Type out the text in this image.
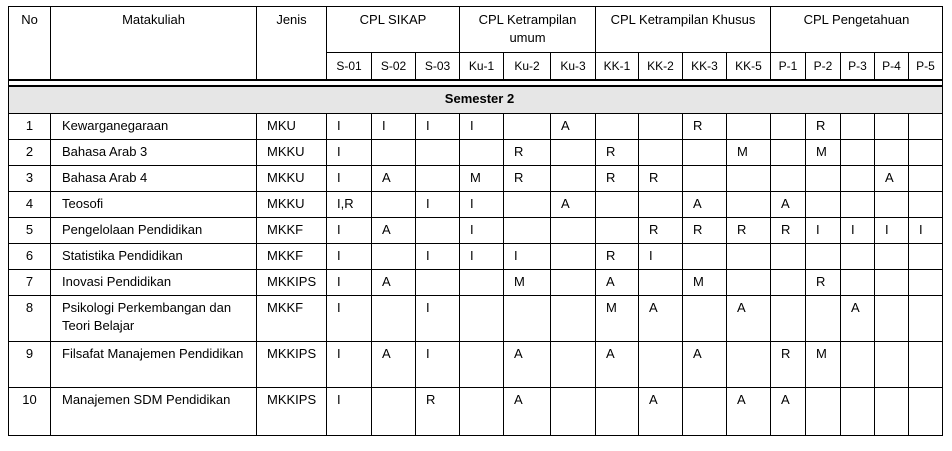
No	Matakuliah	Jenis	CPL SIKAP			CPL Ketrampilan umum			CPL Ketrampilan Khusus				CPL Pengetahuan				
			S-01	S-02	S-03	Ku-1	Ku-2	Ku-3	KK-1	KK-2	KK-3	KK-5	P-1	P-2	P-3	P-4	P-5

Semester 2																	
1	Kewarganegaraan	MKU	I	I	I	I		A			R			R			
2	Bahasa Arab 3	MKKU	I				R		R			M		M			
3	Bahasa Arab 4	MKKU	I	A		M	R		R	R						A	
4	Teosofi	MKKU	I,R		I	I		A			A		A				
5	Pengelolaan Pendidikan	MKKF	I	A		I				R	R	R	R	I	I	I	I
6	Statistika Pendidikan	MKKF	I		I	I	I		R	I							
7	Inovasi Pendidikan	MKKIPS	I	A			M		A		M			R			
8	Psikologi Perkembangan dan Teori Belajar	MKKF	I		I				M	A		A			A		
9	Filsafat Manajemen Pendidikan	MKKIPS	I	A	I		A		A		A		R	M			
10	Manajemen SDM Pendidikan	MKKIPS	I		R		A			A		A	A				
